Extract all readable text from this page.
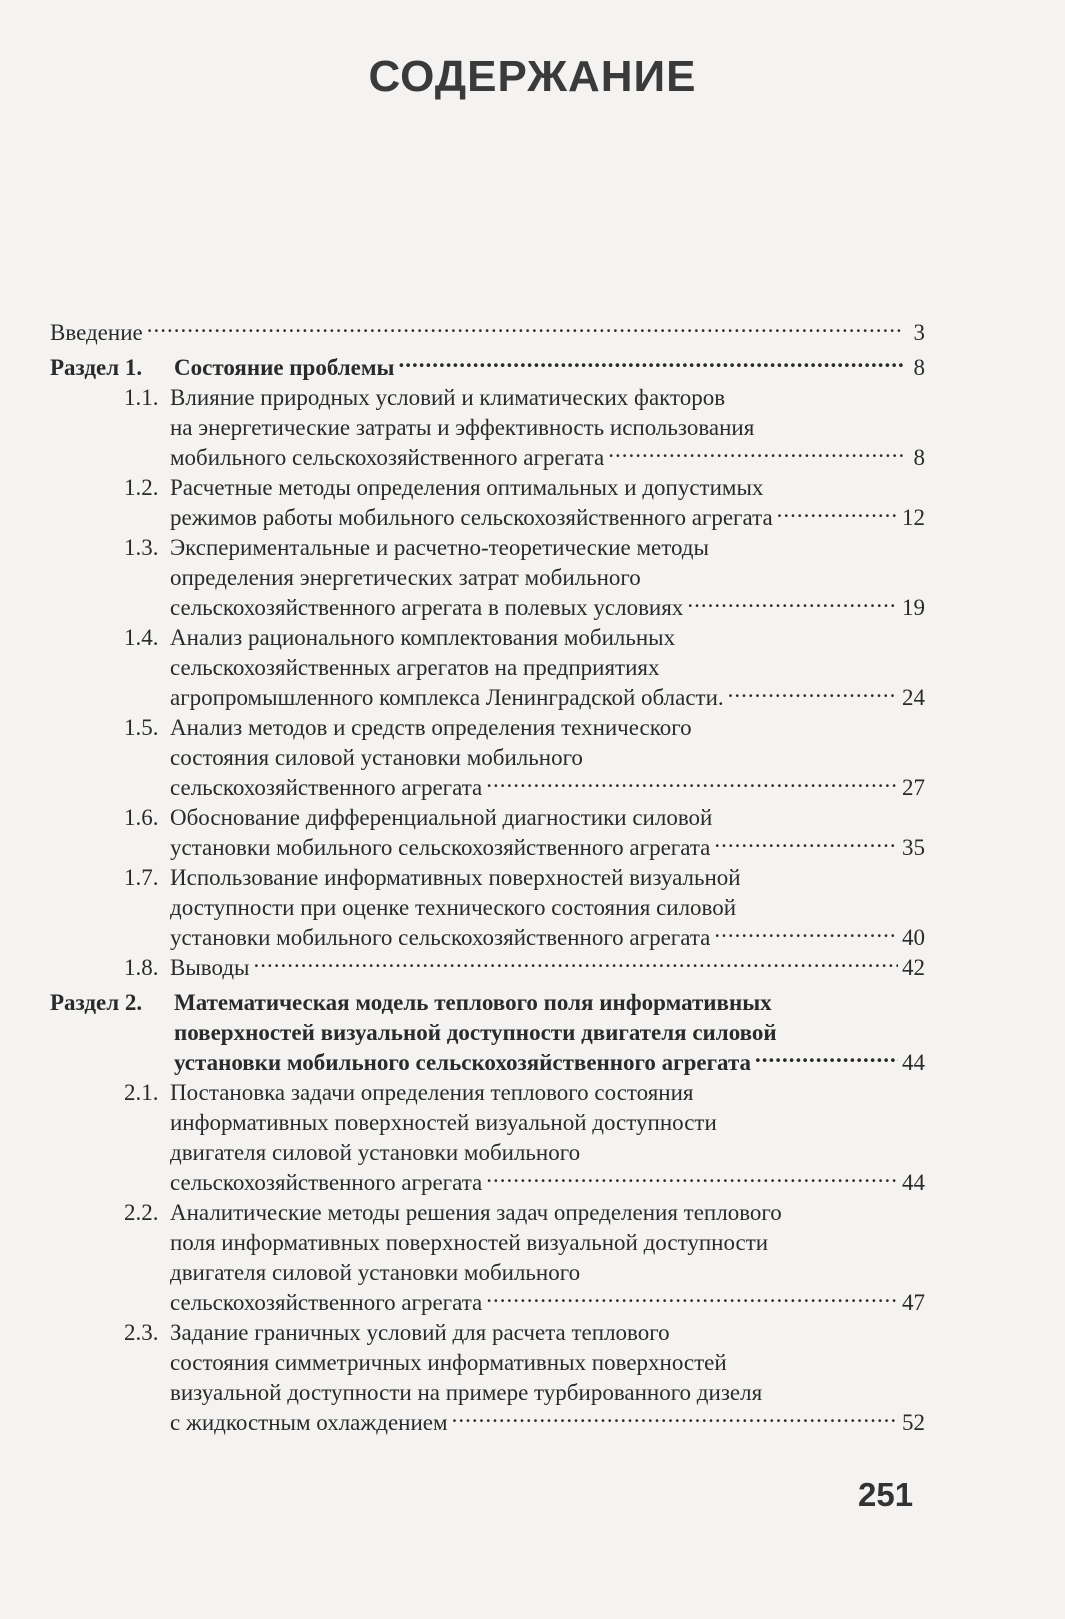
СОДЕРЖАНИЕ
Введение .....	3
Раздел 1.	Состояние проблемы .....	8
1.1. Влияние природных условий и климатических факторов
на энергетические затраты и эффективность использования
мобильного сельскохозяйственного агрегата .....	8
1.2. Расчетные методы определения оптимальных и допустимых
режимов работы мобильного сельскохозяйственного агрегата .....	12
1.3. Экспериментальные и расчетно-теоретические методы
определения энергетических затрат мобильного
сельскохозяйственного агрегата в полевых условиях .....	19
1.4. Анализ рационального комплектования мобильных
сельскохозяйственных агрегатов на предприятиях
агропромышленного комплекса Ленинградской области. .....	24
1.5. Анализ методов и средств определения технического
состояния силовой установки мобильного
сельскохозяйственного агрегата .....	27
1.6. Обоснование дифференциальной диагностики силовой
установки мобильного сельскохозяйственного агрегата .....	35
1.7. Использование информативных поверхностей визуальной
доступности при оценке технического состояния силовой
установки мобильного сельскохозяйственного агрегата .....	40
1.8. Выводы .....	42
Раздел 2.	Математическая модель теплового поля информативных
поверхностей визуальной доступности двигателя силовой
установки мобильного сельскохозяйственного агрегата .....	44
2.1. Постановка задачи определения теплового состояния
информативных поверхностей визуальной доступности
двигателя силовой установки мобильного
сельскохозяйственного агрегата .....	44
2.2. Аналитические методы решения задач определения теплового
поля информативных поверхностей визуальной доступности
двигателя силовой установки мобильного
сельскохозяйственного агрегата .....	47
2.3. Задание граничных условий для расчета теплового
состояния симметричных информативных поверхностей
визуальной доступности на примере турбированного дизеля
с жидкостным охлаждением .....	52
251
